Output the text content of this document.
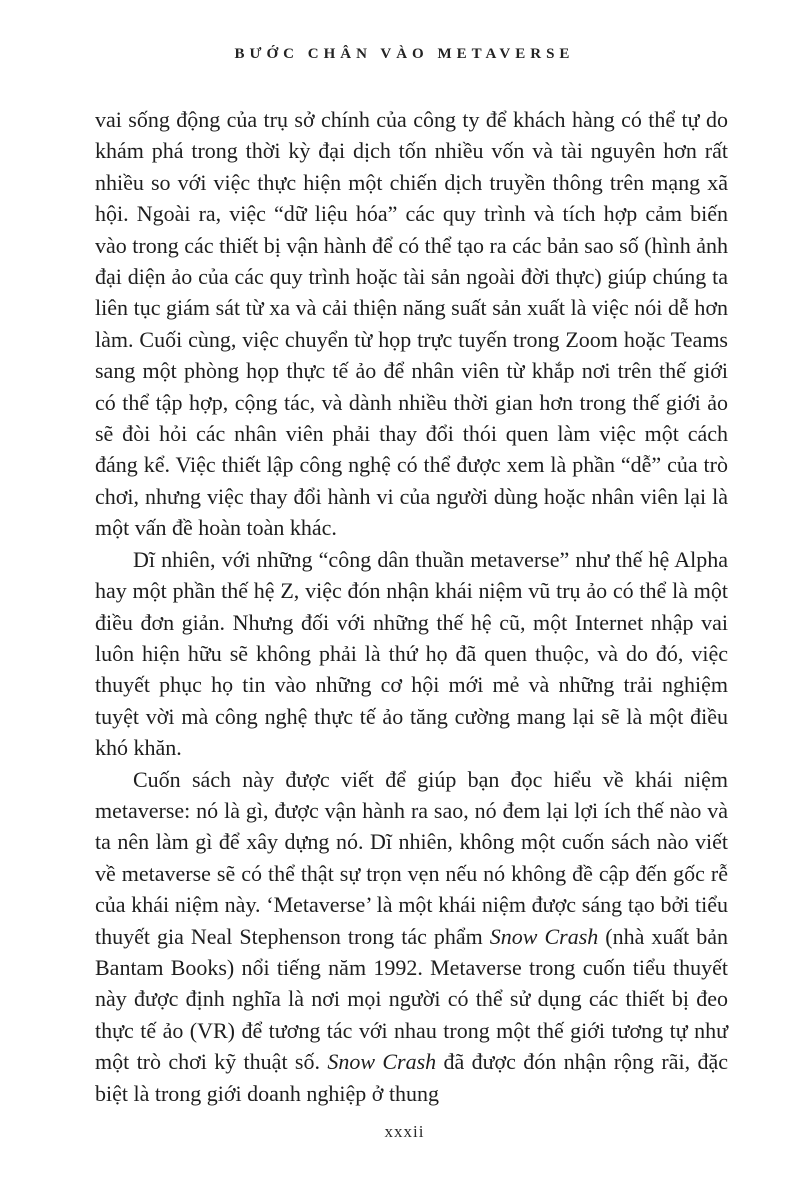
BƯỚC CHÂN VÀO METAVERSE

vai sống động của trụ sở chính của công ty để khách hàng có thể tự do khám phá trong thời kỳ đại dịch tốn nhiều vốn và tài nguyên hơn rất nhiều so với việc thực hiện một chiến dịch truyền thông trên mạng xã hội. Ngoài ra, việc “dữ liệu hóa” các quy trình và tích hợp cảm biến vào trong các thiết bị vận hành để có thể tạo ra các bản sao số (hình ảnh đại diện ảo của các quy trình hoặc tài sản ngoài đời thực) giúp chúng ta liên tục giám sát từ xa và cải thiện năng suất sản xuất là việc nói dễ hơn làm. Cuối cùng, việc chuyển từ họp trực tuyến trong Zoom hoặc Teams sang một phòng họp thực tế ảo để nhân viên từ khắp nơi trên thế giới có thể tập hợp, cộng tác, và dành nhiều thời gian hơn trong thế giới ảo sẽ đòi hỏi các nhân viên phải thay đổi thói quen làm việc một cách đáng kể. Việc thiết lập công nghệ có thể được xem là phần “dễ” của trò chơi, nhưng việc thay đổi hành vi của người dùng hoặc nhân viên lại là một vấn đề hoàn toàn khác.

Dĩ nhiên, với những “công dân thuần metaverse” như thế hệ Alpha hay một phần thế hệ Z, việc đón nhận khái niệm vũ trụ ảo có thể là một điều đơn giản. Nhưng đối với những thế hệ cũ, một Internet nhập vai luôn hiện hữu sẽ không phải là thứ họ đã quen thuộc, và do đó, việc thuyết phục họ tin vào những cơ hội mới mẻ và những trải nghiệm tuyệt vời mà công nghệ thực tế ảo tăng cường mang lại sẽ là một điều khó khăn.

Cuốn sách này được viết để giúp bạn đọc hiểu về khái niệm metaverse: nó là gì, được vận hành ra sao, nó đem lại lợi ích thế nào và ta nên làm gì để xây dựng nó. Dĩ nhiên, không một cuốn sách nào viết về metaverse sẽ có thể thật sự trọn vẹn nếu nó không đề cập đến gốc rễ của khái niệm này. ‘Metaverse’ là một khái niệm được sáng tạo bởi tiểu thuyết gia Neal Stephenson trong tác phẩm Snow Crash (nhà xuất bản Bantam Books) nổi tiếng năm 1992. Metaverse trong cuốn tiểu thuyết này được định nghĩa là nơi mọi người có thể sử dụng các thiết bị đeo thực tế ảo (VR) để tương tác với nhau trong một thế giới tương tự như một trò chơi kỹ thuật số. Snow Crash đã được đón nhận rộng rãi, đặc biệt là trong giới doanh nghiệp ở thung

xxxii
